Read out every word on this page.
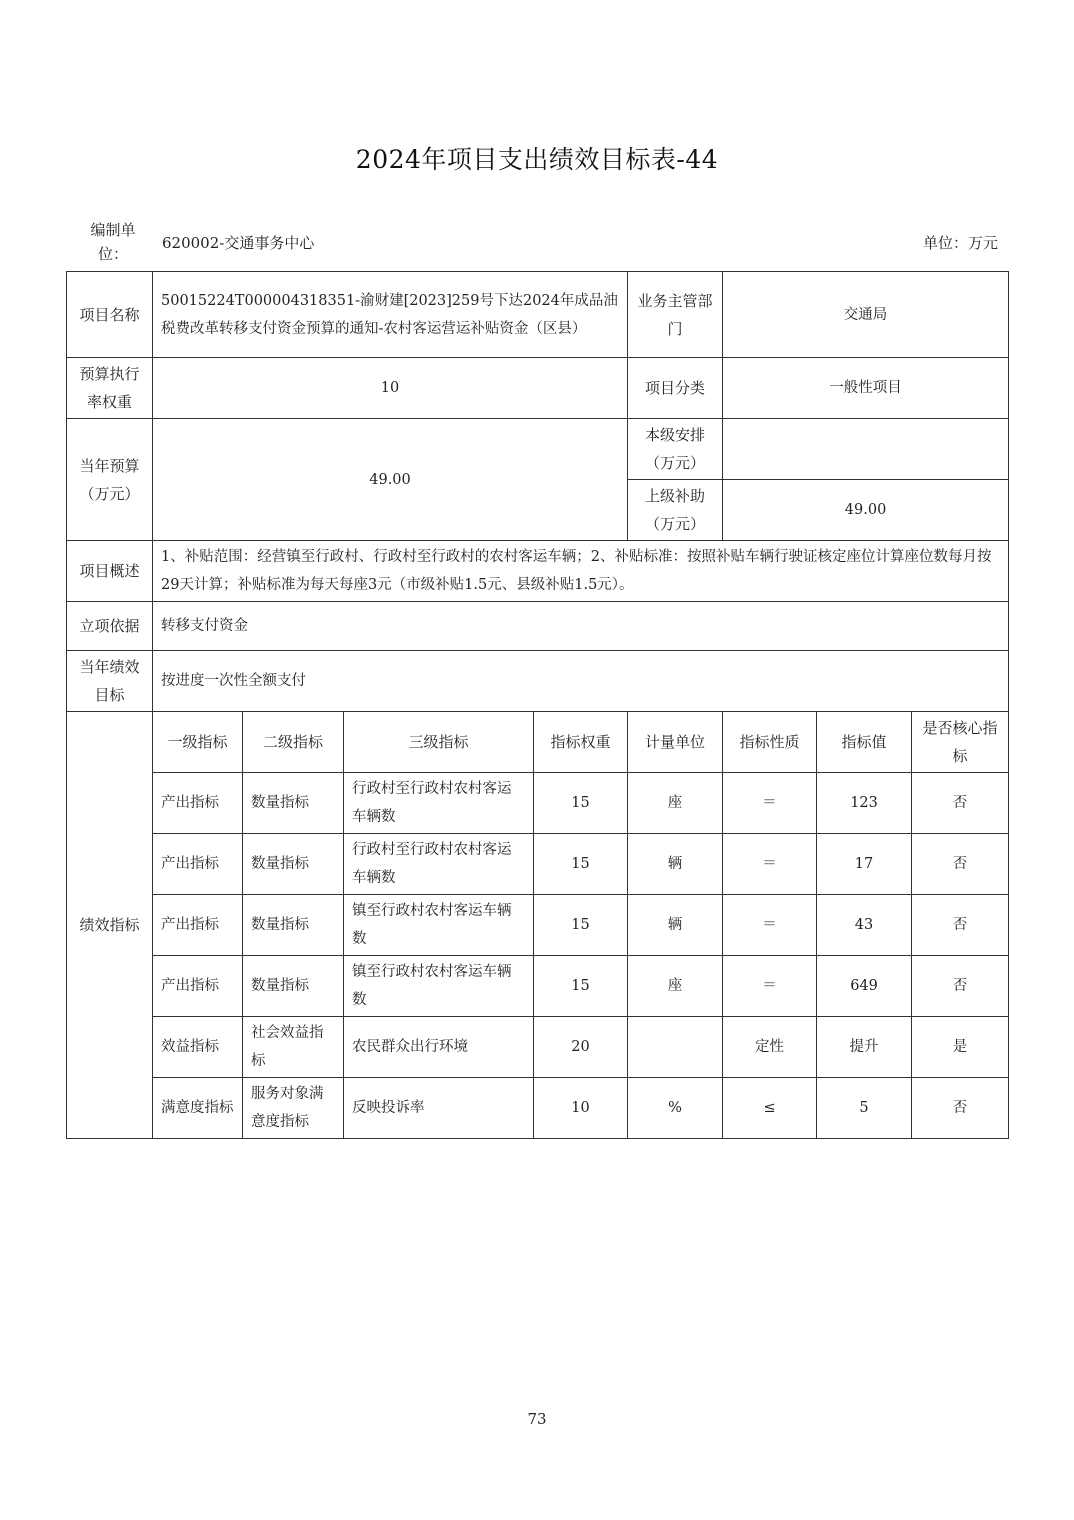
2024年项目支出绩效目标表-44
编制单位：
620002-交通事务中心	单位：万元
项目名称	50015224T000004318351-渝财建[2023]259号下达2024年成品油税费改革转移支付资金预算的通知-农村客运营运补贴资金（区县）				业务主管部门	交通局		
预算执行率权重	10				项目分类	一般性项目		
当年预算（万元）	49.00				本级安排（万元）			
					上级补助（万元）	49.00		
项目概述	1、补贴范围：经营镇至行政村、行政村至行政村的农村客运车辆；2、补贴标准：按照补贴车辆行驶证核定座位计算座位数每月按29天计算；补贴标准为每天每座3元（市级补贴1.5元、县级补贴1.5元）。							
立项依据	转移支付资金							
当年绩效目标	按进度一次性全额支付							
绩效指标	一级指标	二级指标	三级指标	指标权重	计量单位	指标性质	指标值	是否核心指标
	产出指标	数量指标	行政村至行政村农村客运车辆数	15	座	＝	123	否
	产出指标	数量指标	行政村至行政村农村客运车辆数	15	辆	＝	17	否
	产出指标	数量指标	镇至行政村农村客运车辆数	15	辆	＝	43	否
	产出指标	数量指标	镇至行政村农村客运车辆数	15	座	＝	649	否
	效益指标	社会效益指标	农民群众出行环境	20		定性	提升	是
	满意度指标	服务对象满意度指标	反映投诉率	10	%	≤	5	否
73
